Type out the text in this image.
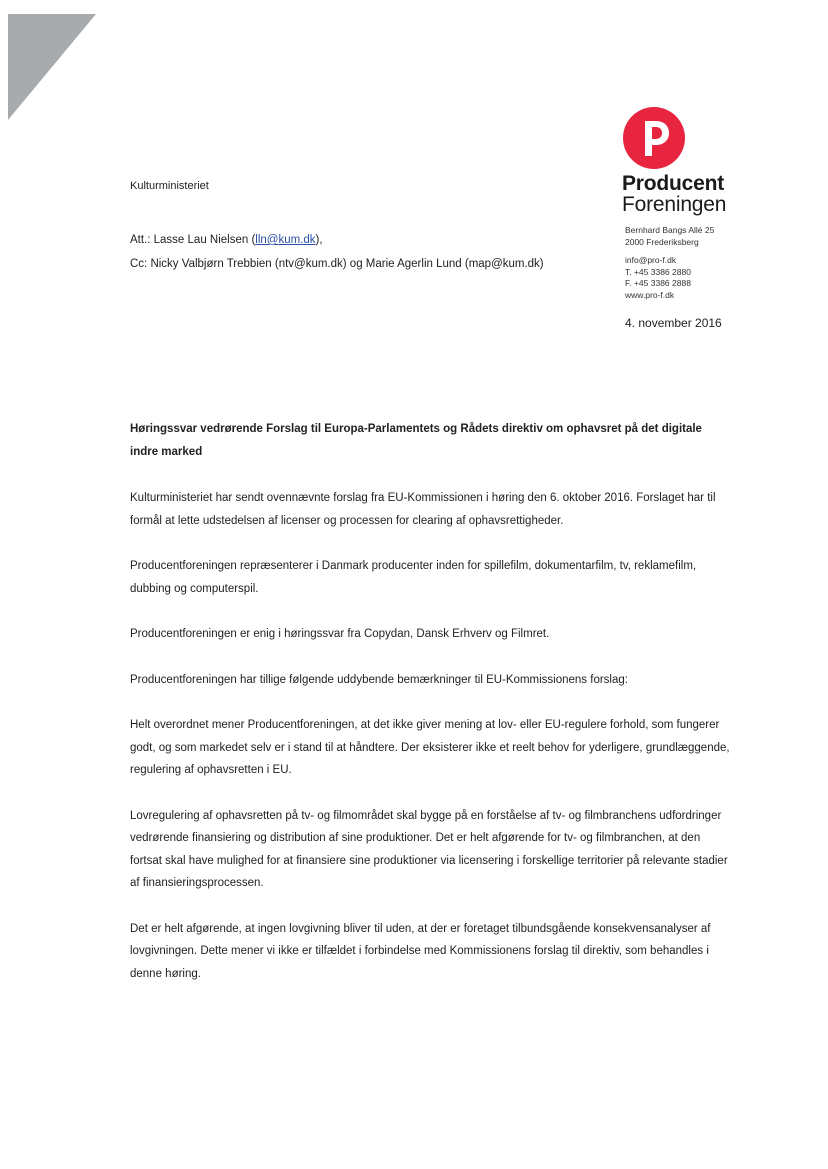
Producent
Foreningen
Bernhard Bangs Allé 25
2000 Frederiksberg
info@pro-f.dk
T. +45 3386 2880
F. +45 3386 2888
www.pro-f.dk
4. november 2016
Kulturministeriet
Att.: Lasse Lau Nielsen (lln@kum.dk),
Cc: Nicky Valbjørn Trebbien (ntv@kum.dk) og Marie Agerlin Lund (map@kum.dk)
Høringssvar vedrørende Forslag til Europa-Parlamentets og Rådets direktiv om ophavsret på det digitale indre marked

Kulturministeriet har sendt ovennævnte forslag fra EU-Kommissionen i høring den 6. oktober 2016. Forslaget har til formål at lette udstedelsen af licenser og processen for clearing af ophavsrettigheder.

Producentforeningen repræsenterer i Danmark producenter inden for spillefilm, dokumentarfilm, tv, reklamefilm, dubbing og computerspil.

Producentforeningen er enig i høringssvar fra Copydan, Dansk Erhverv og Filmret.

Producentforeningen har tillige følgende uddybende bemærkninger til EU-Kommissionens forslag:

Helt overordnet mener Producentforeningen, at det ikke giver mening at lov- eller EU-regulere forhold, som fungerer godt, og som markedet selv er i stand til at håndtere. Der eksisterer ikke et reelt behov for yderligere, grundlæggende, regulering af ophavsretten i EU.

Lovregulering af ophavsretten på tv- og filmområdet skal bygge på en forståelse af tv- og filmbranchens udfordringer vedrørende finansiering og distribution af sine produktioner. Det er helt afgørende for tv- og filmbranchen, at den fortsat skal have mulighed for at finansiere sine produktioner via licensering i forskellige territorier på relevante stadier af finansieringsprocessen.

Det er helt afgørende, at ingen lovgivning bliver til uden, at der er foretaget tilbundsgående konsekvensanalyser af lovgivningen. Dette mener vi ikke er tilfældet i forbindelse med Kommissionens forslag til direktiv, som behandles i denne høring.
